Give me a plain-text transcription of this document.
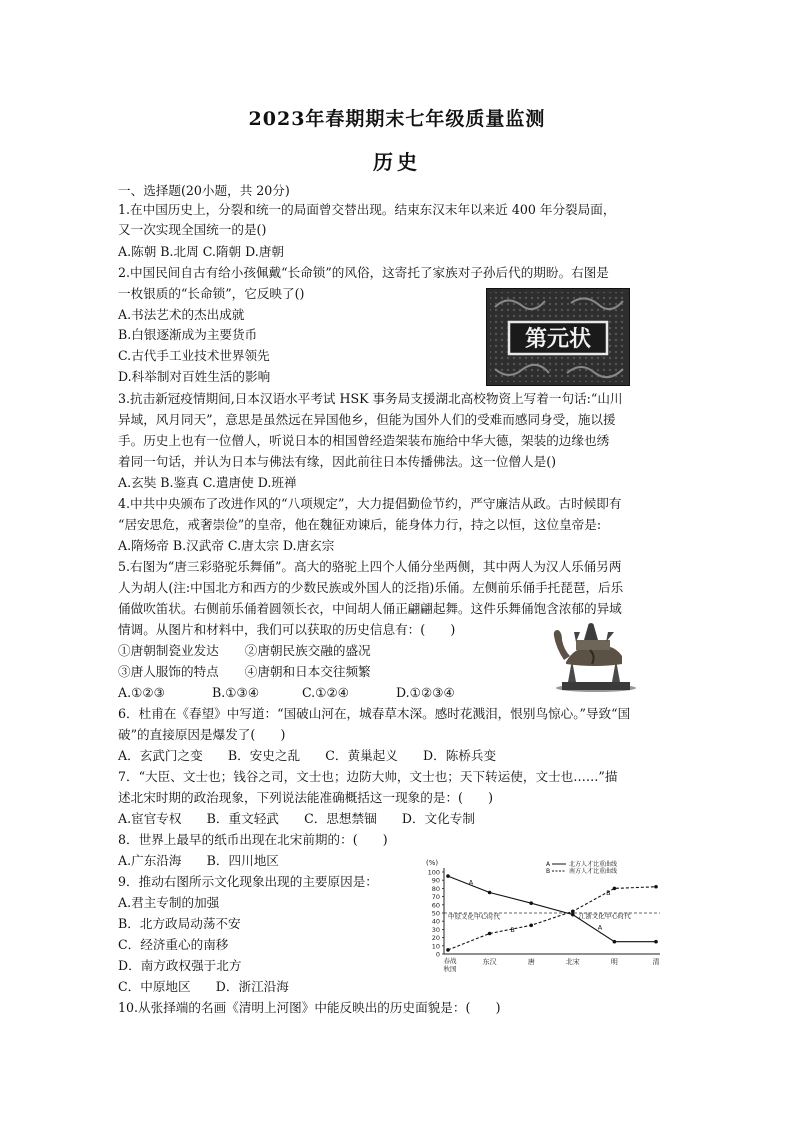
2023年春期期末七年级质量监测
历史
一、选择题(20小题，共 20分)
1.在中国历史上，分裂和统一的局面曾交替出现。结束东汉末年以来近 400 年分裂局面，
又一次实现全国统一的是()
A.陈朝 B.北周 C.隋朝 D.唐朝
2.中国民间自古有给小孩佩戴“长命锁”的风俗，这寄托了家族对子孙后代的期盼。右图是
一枚银质的“长命锁”，它反映了()
A.书法艺术的杰出成就
B.白银逐渐成为主要货币
C.古代手工业技术世界领先
D.科举制对百姓生活的影响
第元状
3.抗击新冠疫情期间,日本汉语水平考试 HSK 事务局支援湖北高校物资上写着一句话:“山川
异域，风月同天”，意思是虽然远在异国他乡，但能为国外人们的受难而感同身受，施以援
手。历史上也有一位僧人，听说日本的相国曾经造架装布施给中华大德，架装的边缘也绣
着同一句话，并认为日本与佛法有缘，因此前往日本传播佛法。这一位僧人是()
A.玄奘 B.鉴真 C.遣唐使 D.班禅
4.中共中央颁布了改进作风的“八项规定”，大力提倡勤俭节约，严守廉洁从政。古时候即有
“居安思危，戒奢崇俭”的皇帝，他在魏征劝谏后，能身体力行，持之以恒，这位皇帝是:
A.隋炀帝 B.汉武帝 C.唐太宗 D.唐玄宗
5.右图为“唐三彩骆驼乐舞俑”。高大的骆驼上四个人俑分坐两侧，其中两人为汉人乐俑另两
人为胡人(注:中国北方和西方的少数民族或外国人的泛指)乐俑。左侧前乐俑手托琵琶，后乐
俑做吹笛状。右侧前乐俑着圆领长衣，中间胡人俑正翩翩起舞。这件乐舞俑饱含浓郁的异域
情调。从图片和材料中，我们可以获取的历史信息有：(　　)
①唐朝制瓷业发达 ②唐朝民族交融的盛况
③唐人服饰的特点 ④唐朝和日本交往频繁
A.①②③	B.①③④	C.①②④	D.①②③④
6．杜甫在《春望》中写道：“国破山河在，城春草木深。感时花溅泪，恨别鸟惊心。”导致“国
破”的直接原因是爆发了(　　)
A．玄武门之变　　B．安史之乱　　C．黄巢起义　　D．陈桥兵变
7．“大臣、文士也；钱谷之司，文士也；边防大帅，文士也；天下转运使，文士也……”描
述北宋时期的政治现象，下列说法能准确概括这一现象的是：(　　)
A.宦官专权　　B．重文轻武　　C．思想禁锢　　D．文化专制
8．世界上最早的纸币出现在北宋前期的：(　　)
A.广东沿海　　B．四川地区
9．推动右图所示文化现象出现的主要原因是：
A.君主专制的加强
B．北方政局动荡不安
C．经济重心的南移
D．南方政权强于北方
C．中原地区　　D．浙江沿海
10.从张择端的名画《清明上河图》中能反映出的历史面貌是：(　　)
(%)
0
10
20
30
40
50
60
70
80
90
100
春战
秋国
东汉	唐	北宋	明	清
A
A
B
B
A	北方人才比重曲线
B	南方人才比重曲线
中原文化中心时代	江浙文化中心时代
